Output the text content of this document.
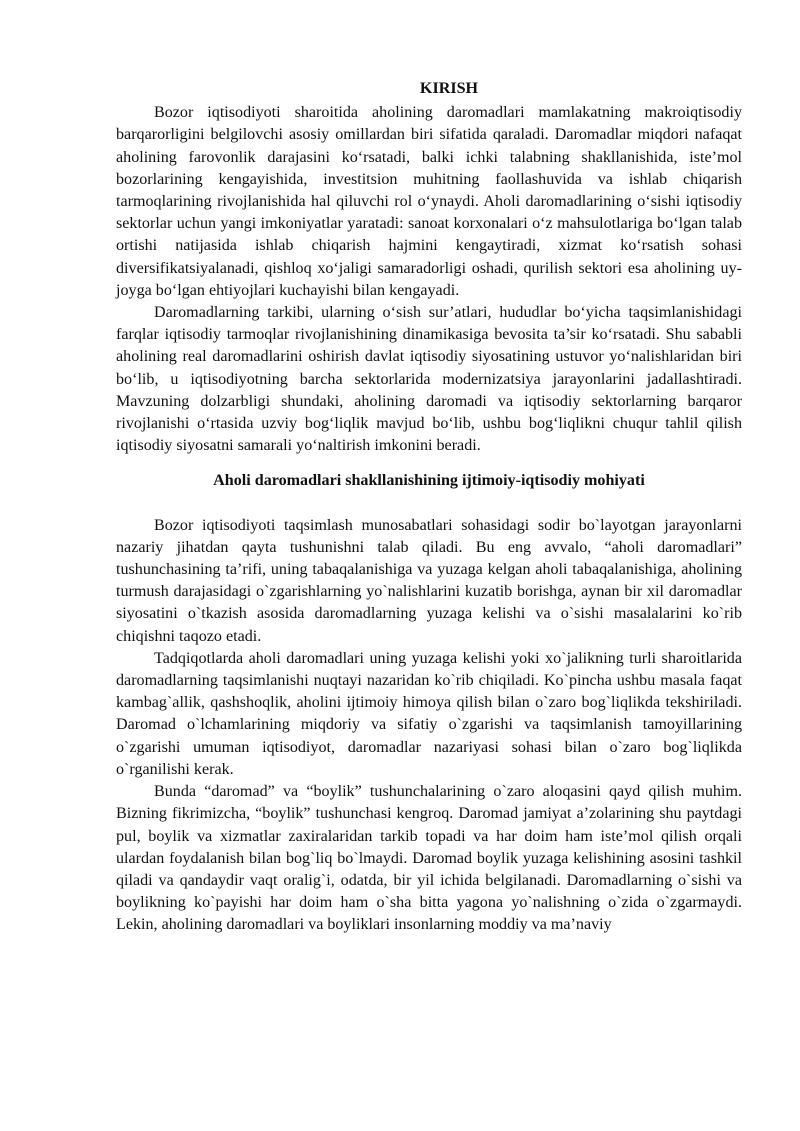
KIRISH

Bozor iqtisodiyoti sharoitida aholining daromadlari mamlakatning makroiqtisodiy barqarorligini belgilovchi asosiy omillardan biri sifatida qaraladi. Daromadlar miqdori nafaqat aholining farovonlik darajasini ko‘rsatadi, balki ichki talabning shakllanishida, iste’mol bozorlarining kengayishida, investitsion muhitning faollashuvida va ishlab chiqarish tarmoqlarining rivojlanishida hal qiluvchi rol o‘ynaydi. Aholi daromadlarining o‘sishi iqtisodiy sektorlar uchun yangi imkoniyatlar yaratadi: sanoat korxonalari o‘z mahsulotlariga bo‘lgan talab ortishi natijasida ishlab chiqarish hajmini kengaytiradi, xizmat ko‘rsatish sohasi diversifikatsiyalanadi, qishloq xo‘jaligi samaradorligi oshadi, qurilish sektori esa aholining uy-joyga bo‘lgan ehtiyojlari kuchayishi bilan kengayadi.

Daromadlarning tarkibi, ularning o‘sish sur’atlari, hududlar bo‘yicha taqsimlanishidagi farqlar iqtisodiy tarmoqlar rivojlanishining dinamikasiga bevosita ta’sir ko‘rsatadi. Shu sababli aholining real daromadlarini oshirish davlat iqtisodiy siyosatining ustuvor yo‘nalishlaridan biri bo‘lib, u iqtisodiyotning barcha sektorlarida modernizatsiya jarayonlarini jadallashtiradi. Mavzuning dolzarbligi shundaki, aholining daromadi va iqtisodiy sektorlarning barqaror rivojlanishi o‘rtasida uzviy bog‘liqlik mavjud bo‘lib, ushbu bog‘liqlikni chuqur tahlil qilish iqtisodiy siyosatni samarali yo‘naltirish imkonini beradi.

Aholi daromadlari shakllanishining ijtimoiy-iqtisodiy mohiyati

Bozor iqtisodiyoti taqsimlash munosabatlari sohasidagi sodir bo`layotgan jarayonlarni nazariy jihatdan qayta tushunishni talab qiladi. Bu eng avvalo, “aholi daromadlari” tushunchasining ta’rifi, uning tabaqalanishiga va yuzaga kelgan aholi tabaqalanishiga, aholining turmush darajasidagi o`zgarishlarning yo`nalishlarini kuzatib borishga, aynan bir xil daromadlar siyosatini o`tkazish asosida daromadlarning yuzaga kelishi va o`sishi masalalarini ko`rib chiqishni taqozo etadi.

Tadqiqotlarda aholi daromadlari uning yuzaga kelishi yoki xo`jalikning turli sharoitlarida daromadlarning taqsimlanishi nuqtayi nazaridan ko`rib chiqiladi. Ko`pincha ushbu masala faqat kambag`allik, qashshoqlik, aholini ijtimoiy himoya qilish bilan o`zaro bog`liqlikda tekshiriladi. Daromad o`lchamlarining miqdoriy va sifatiy o`zgarishi va taqsimlanish tamoyillarining o`zgarishi umuman iqtisodiyot, daromadlar nazariyasi sohasi bilan o`zaro bog`liqlikda o`rganilishi kerak.

Bunda “daromad” va “boylik” tushunchalarining o`zaro aloqasini qayd qilish muhim. Bizning fikrimizcha, “boylik” tushunchasi kengroq. Daromad jamiyat a’zolarining shu paytdagi pul, boylik va xizmatlar zaxiralaridan tarkib topadi va har doim ham iste’mol qilish orqali ulardan foydalanish bilan bog`liq bo`lmaydi. Daromad boylik yuzaga kelishining asosini tashkil qiladi va qandaydir vaqt oralig`i, odatda, bir yil ichida belgilanadi. Daromadlarning o`sishi va boylikning ko`payishi har doim ham o`sha bitta yagona yo`nalishning o`zida o`zgarmaydi. Lekin, aholining daromadlari va boyliklari insonlarning moddiy va ma’naviy
